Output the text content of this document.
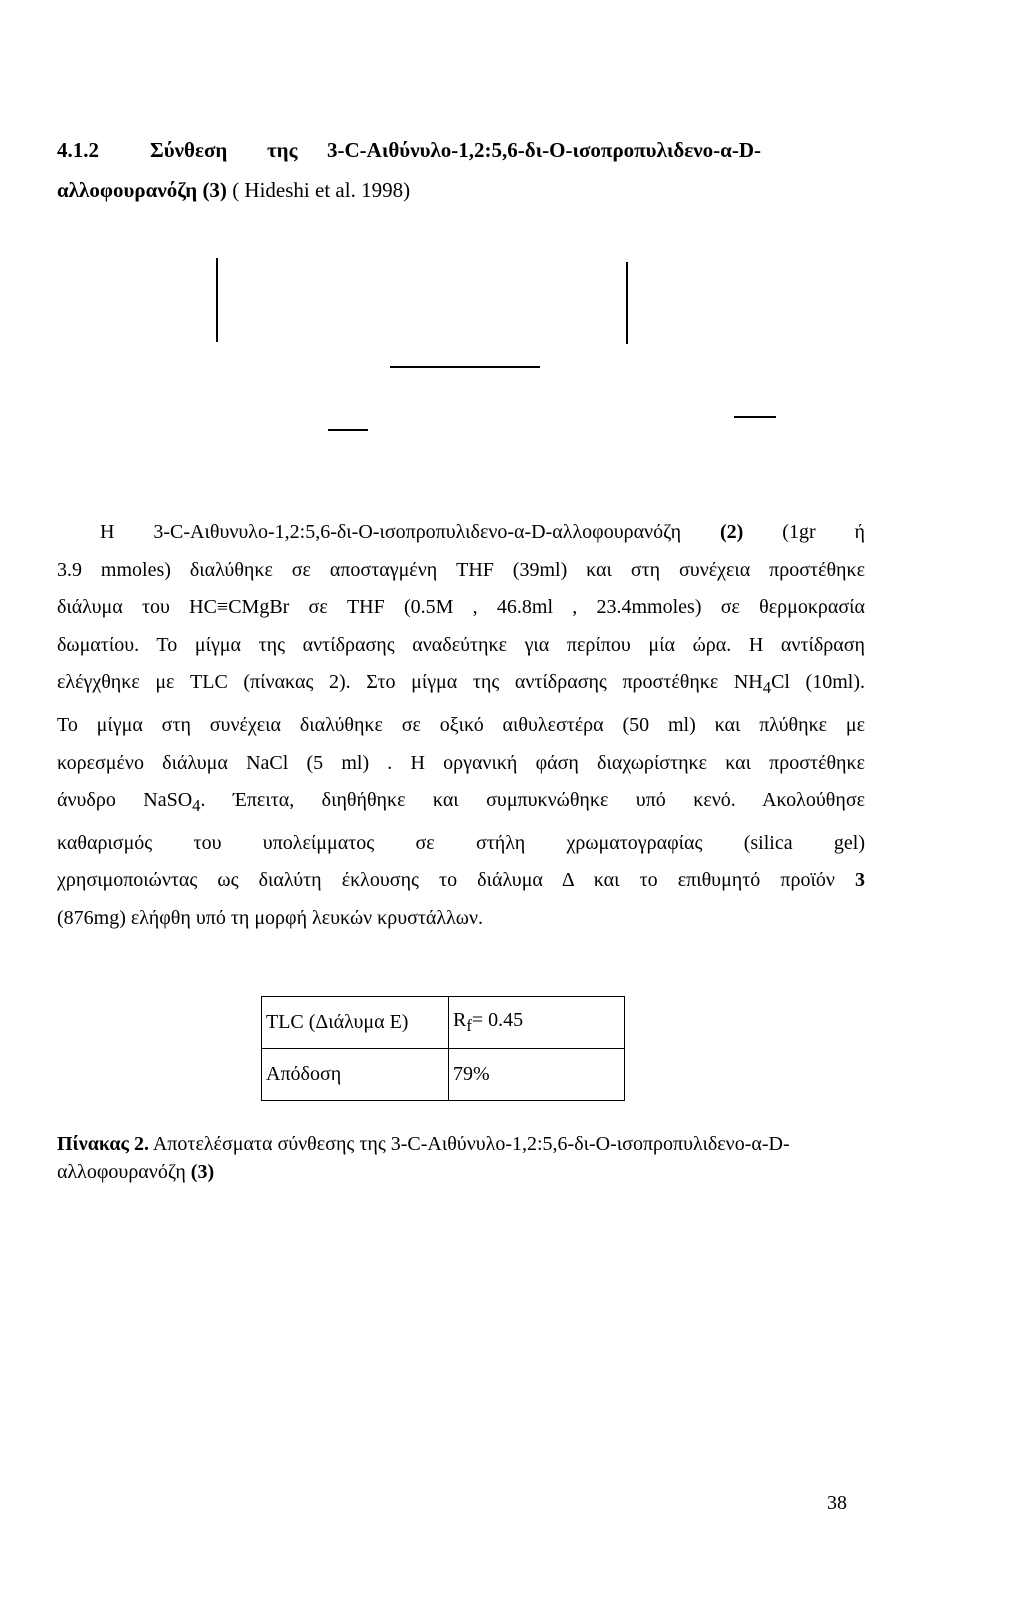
4.1.2 Σύνθεση της 3-C-Αιθύνυλο-1,2:5,6-δι-Ο-ισοπροπυλιδενο-α-D-
αλλοφουρανόζη (3) ( Hideshi et al. 1998)
Η 3-C-Αιθυνυλο-1,2:5,6-δι-Ο-ισοπροπυλιδενο-α-D-αλλοφουρανόζη (2) (1gr ή
3.9 mmoles) διαλύθηκε σε αποσταγμένη THF (39ml) και στη συνέχεια προστέθηκε
διάλυμα του HC≡CMgBr σε THF (0.5M , 46.8ml , 23.4mmoles) σε θερμοκρασία
δωματίου. Το μίγμα της αντίδρασης αναδεύτηκε για περίπου μία ώρα. Η αντίδραση
ελέγχθηκε με TLC (πίνακας 2). Στο μίγμα της αντίδρασης προστέθηκε $NH_4Cl$ (10ml).
Το μίγμα στη συνέχεια διαλύθηκε σε οξικό αιθυλεστέρα (50 ml) και πλύθηκε με
κορεσμένο διάλυμα NaCl (5 ml) . Η οργανική φάση διαχωρίστηκε και προστέθηκε
άνυδρο NaSO$_4$. Έπειτα, διηθήθηκε και συμπυκνώθηκε υπό κενό. Ακολούθησε
καθαρισμός του υπολείμματος σε στήλη χρωματογραφίας (silica gel)
χρησιμοποιώντας ως διαλύτη έκλουσης το διάλυμα Δ και το επιθυμητό προϊόν 3
(876mg) ελήφθη υπό τη μορφή λευκών κρυστάλλων.
TLC (Διάλυμα Ε)	$R_f= 0.45$
Απόδοση	79%
Πίνακας 2. Αποτελέσματα σύνθεσης της 3-C-Αιθύνυλο-1,2:5,6-δι-Ο-ισοπροπυλιδενο-α-D-
αλλοφουρανόζη (3)
38
